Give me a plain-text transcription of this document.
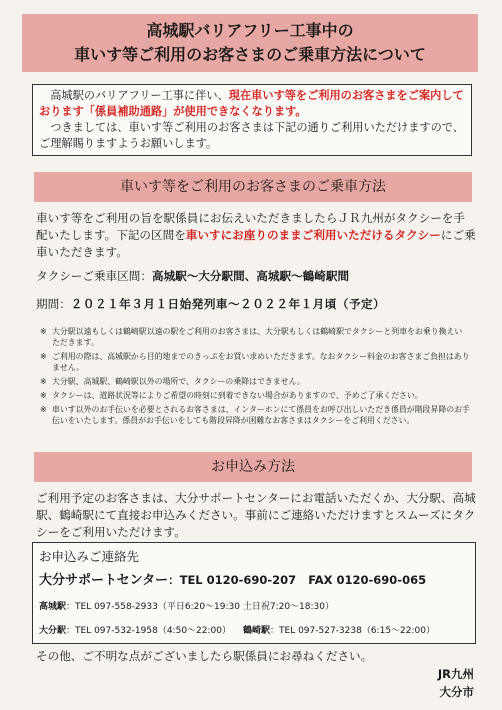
高城駅バリアフリー工事中の
車いす等ご利用のお客さまのご乗車方法について
高城駅のバリアフリー工事に伴い、現在車いす等をご利用のお客さまをご案内しております「係員補助通路」が使用できなくなります。
つきましては、車いす等ご利用のお客さまは下記の通りご利用いただけますので、ご理解賜りますようお願いします。
車いす等をご利用のお客さまのご乗車方法
車いす等をご利用の旨を駅係員にお伝えいただきましたらＪＲ九州がタクシーを手配いたします。下記の区間を車いすにお座りのままご利用いただけるタクシーにご乗車いただきます。
タクシーご乗車区間：高城駅～大分駅間、高城駅～鶴崎駅間
期間：２０２１年３月１日始発列車～２０２２年１月頃（予定）
※ 大分駅以遠もしくは鶴崎駅以遠の駅をご利用のお客さまは、大分駅もしくは鶴崎駅でタクシーと列車をお乗り換えいただきます。
※ ご利用の際は、高城駅から目的地までのきっぷをお買い求めいただきます。なおタクシー料金のお客さまご負担はありません。
※ 大分駅、高城駅、鶴崎駅以外の場所で、タクシーの乗降はできません。
※ タクシーは、道路状況等によりご希望の時刻に到着できない場合がありますので、予めご了承ください。
※ 車いす以外のお手伝いを必要とされるお客さまは、インターホンにて係員をお呼び出しいただき係員が階段昇降のお手伝いをいたします。係員がお手伝いをしても階段昇降が困難なお客さまはタクシーをご利用ください。
お申込み方法
ご利用予定のお客さまは、大分サポートセンターにお電話いただくか、大分駅、高城駅、鶴崎駅にて直接お申込みください。事前にご連絡いただけますとスムーズにタクシーをご利用いただけます。
お申込みご連絡先
大分サポートセンター：TEL 0120-690-207 FAX 0120-690-065
高城駅：TEL 097-558-2933（平日6:20～19:30 土日祝7:20～18:30）
大分駅：TEL 097-532-1958（4:50～22:00） 鶴崎駅：TEL 097-527-3238（6:15～22:00）
その他、ご不明な点がございましたら駅係員にお尋ねください。
JR九州
大分市
